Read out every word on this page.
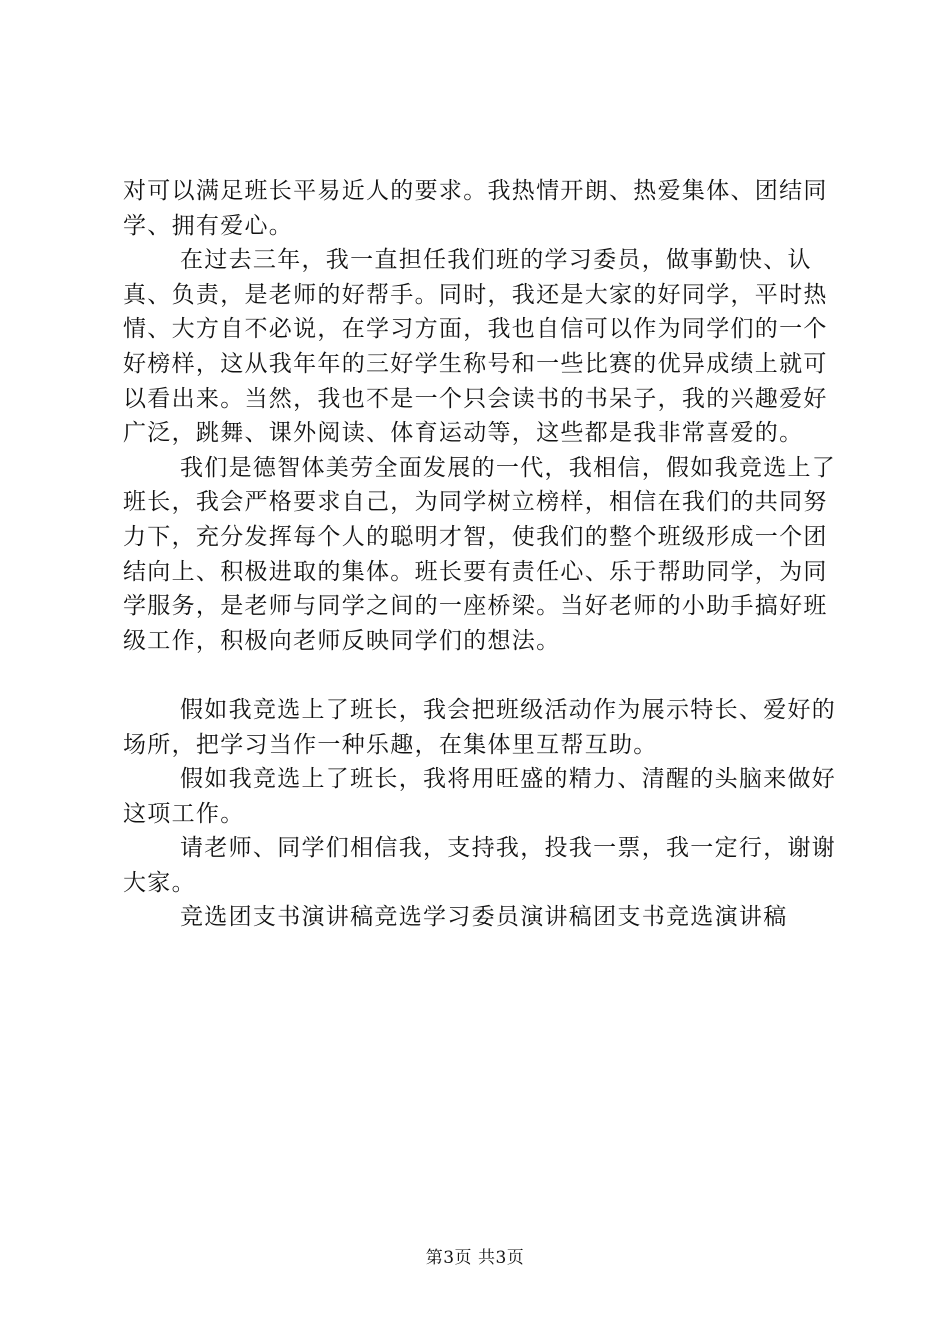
对可以满足班长平易近人的要求。我热情开朗、热爱集体、团结同学、拥有爱心。

在过去三年，我一直担任我们班的学习委员，做事勤快、认真、负责，是老师的好帮手。同时，我还是大家的好同学，平时热情、大方自不必说，在学习方面，我也自信可以作为同学们的一个好榜样，这从我年年的三好学生称号和一些比赛的优异成绩上就可以看出来。当然，我也不是一个只会读书的书呆子，我的兴趣爱好广泛，跳舞、课外阅读、体育运动等，这些都是我非常喜爱的。

我们是德智体美劳全面发展的一代，我相信，假如我竞选上了班长，我会严格要求自己，为同学树立榜样，相信在我们的共同努力下，充分发挥每个人的聪明才智，使我们的整个班级形成一个团结向上、积极进取的集体。班长要有责任心、乐于帮助同学，为同学服务，是老师与同学之间的一座桥梁。当好老师的小助手搞好班级工作，积极向老师反映同学们的想法。

假如我竞选上了班长，我会把班级活动作为展示特长、爱好的场所，把学习当作一种乐趣，在集体里互帮互助。

假如我竞选上了班长，我将用旺盛的精力、清醒的头脑来做好这项工作。

请老师、同学们相信我，支持我，投我一票，我一定行，谢谢大家。

竞选团支书演讲稿竞选学习委员演讲稿团支书竞选演讲稿

第3页 共3页
